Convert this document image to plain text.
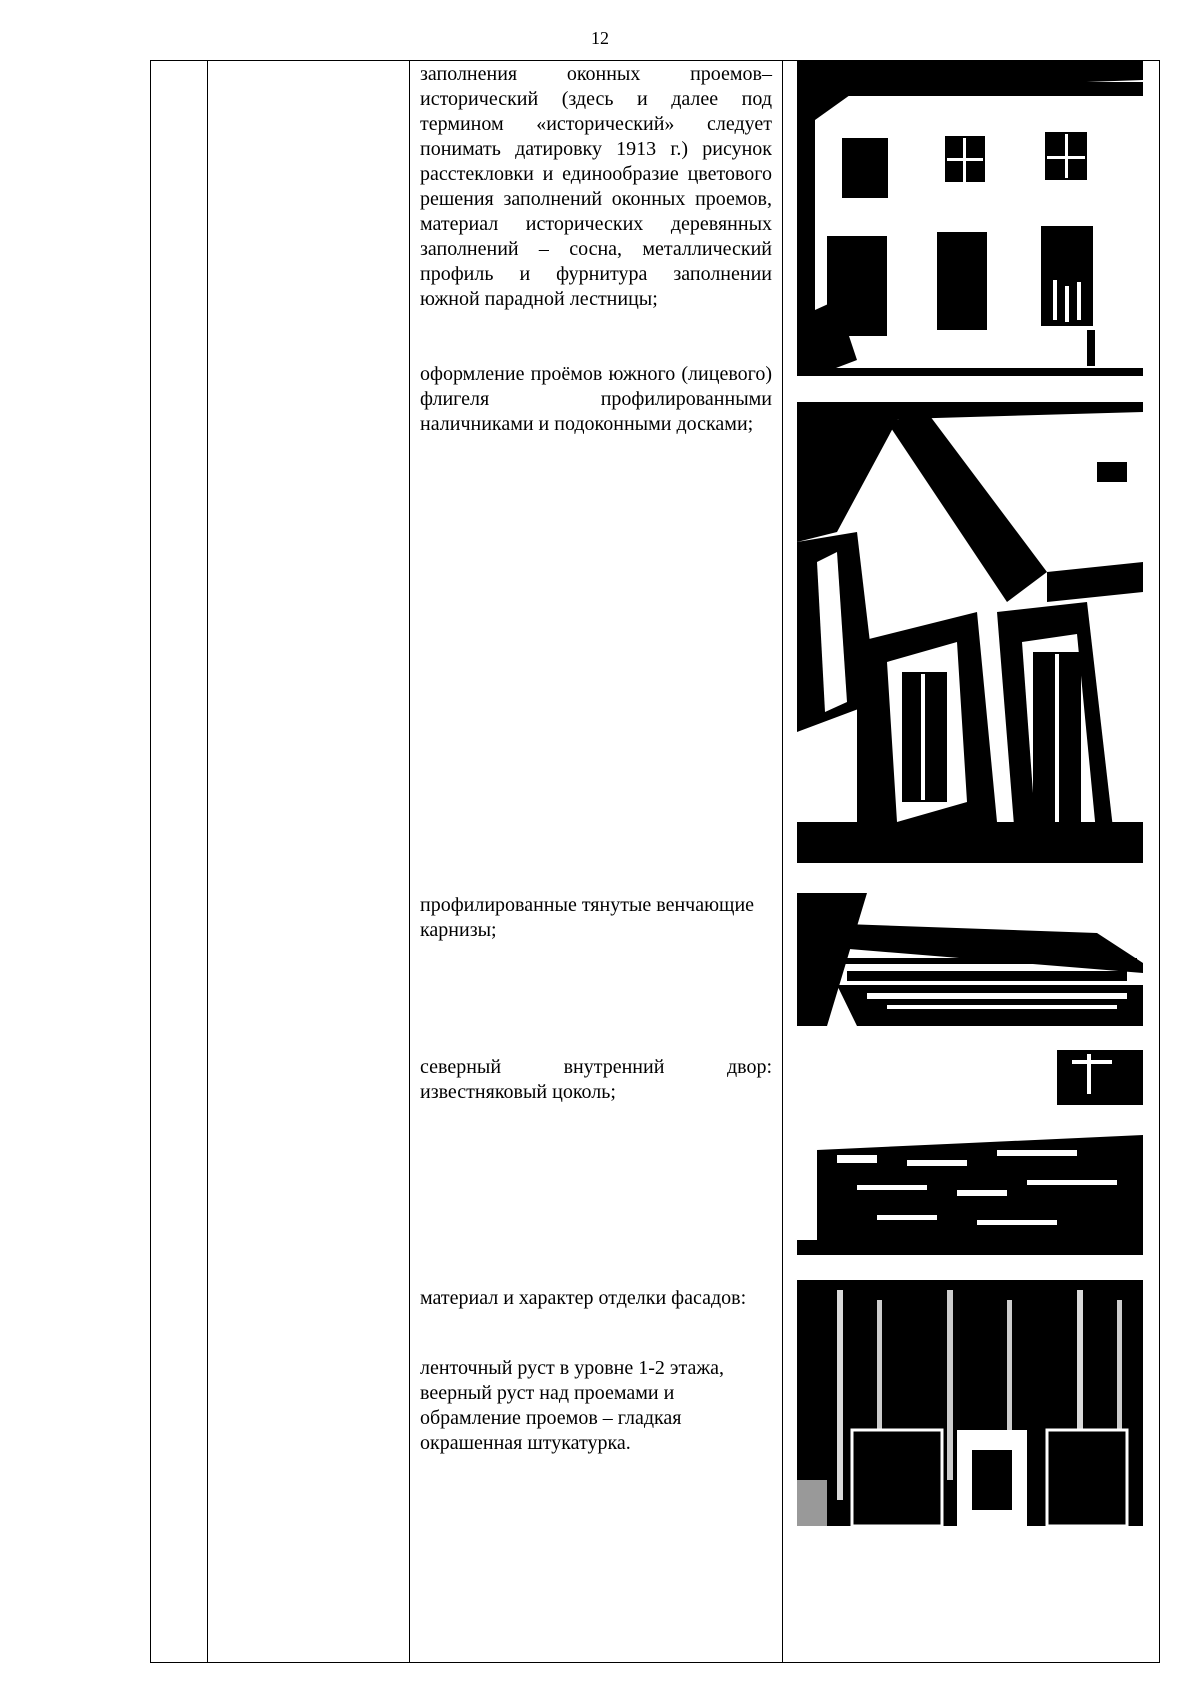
12
заполнения оконных проемов– исторический (здесь и далее под термином «исторический» следует понимать датировку 1913 г.) рисунок расстекловки и единообразие цветового решения заполнений оконных проемов, материал исторических деревянных заполнений – сосна, металлический профиль и фурнитура заполнении южной парадной лестницы;
оформление проёмов южного (лицевого) флигеля профилированными наличниками и подоконными досками;
профилированные тянутые венчающие карнизы;
северный внутренний двор: известняковый цоколь;
материал и характер отделки фасадов:
ленточный руст в уровне 1-2 этажа, веерный руст над проемами и обрамление проемов – гладкая окрашенная штукатурка.
